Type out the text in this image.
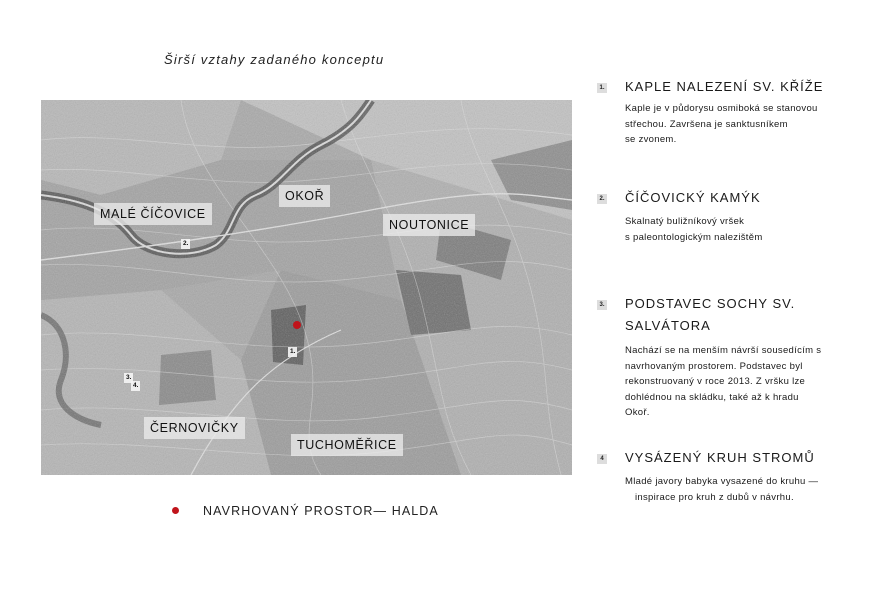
Širší vztahy zadaného konceptu
MALÉ ČÍČOVICE
OKOŘ
NOUTONICE
ČERNOVIČKY
TUCHOMĚŘICE
1.
2.
3.
4.
NAVRHOVANÝ PROSTOR— HALDA
1. KAPLE NALEZENÍ SV. KŘÍŽE
Kaple je v půdorysu osmiboká se stanovou
střechou. Završena je sanktusníkem
se zvonem.
2. ČÍČOVICKÝ KAMÝK
Skalnatý buližníkový vršek
s paleontologickým nalezištěm
3. PODSTAVEC SOCHY SV.
SALVÁTORA
Nachází se na menším návrší sousedícím s
navrhovaným prostorem. Podstavec byl
rekonstruovaný v roce 2013. Z vršku lze
dohlédnou na skládku, také až k hradu
Okoř.
4 VYSÁZENÝ KRUH STROMŮ
Mladé javory babyka vysazené do kruhu —
inspirace pro kruh z dubů v návrhu.
